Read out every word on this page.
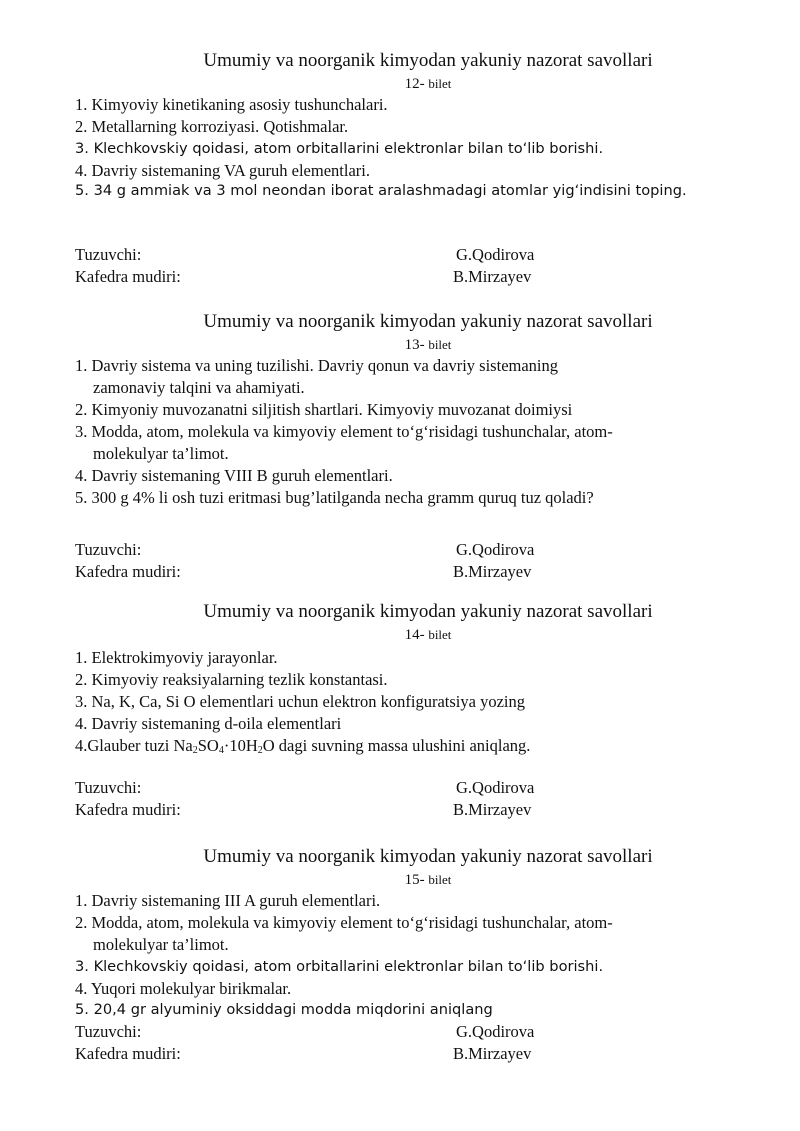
Umumiy va noorganik kimyodan yakuniy nazorat savollari
12- bilet
1. Kimyoviy kinetikaning asosiy tushunchalari.
2. Metallarning korroziyasi. Qotishmalar.
3. Klechkovskiy qoidasi, atom orbitallarini elektronlar bilan to‘lib borishi.
4. Davriy sistemaning VA guruh elementlari.
5. 34 g ammiak va 3 mol neondan iborat aralashmadagi atomlar yig‘indisini toping.
Tuzuvchi:	G.Qodirova
Kafedra mudiri:	B.Mirzayev
Umumiy va noorganik kimyodan yakuniy nazorat savollari
13- bilet
1. Davriy sistema va uning tuzilishi. Davriy qonun va davriy sistemaning
zamonaviy talqini va ahamiyati.
2. Kimyoniy muvozanatni siljitish shartlari. Kimyoviy muvozanat doimiysi
3. Modda, atom, molekula va kimyoviy element to‘g‘risidagi tushunchalar, atom-
molekulyar ta’limot.
4. Davriy sistemaning VIII B guruh elementlari.
5. 300 g 4% li osh tuzi eritmasi bug’latilganda necha gramm quruq tuz qoladi?
Tuzuvchi:	G.Qodirova
Kafedra mudiri:	B.Mirzayev
Umumiy va noorganik kimyodan yakuniy nazorat savollari
14- bilet
1. Elektrokimyoviy jarayonlar.
2. Kimyoviy reaksiyalarning tezlik konstantasi.
3. Na, K, Ca, Si O elementlari uchun elektron konfiguratsiya yozing
4. Davriy sistemaning d-oila elementlari
4.Glauber tuzi $Na_2SO_4\cdot 10H_2O$ dagi suvning massa ulushini aniqlang.
Tuzuvchi:	G.Qodirova
Kafedra mudiri:	B.Mirzayev
Umumiy va noorganik kimyodan yakuniy nazorat savollari
15- bilet
1. Davriy sistemaning III A guruh elementlari.
2. Modda, atom, molekula va kimyoviy element to‘g‘risidagi tushunchalar, atom-
molekulyar ta’limot.
3. Klechkovskiy qoidasi, atom orbitallarini elektronlar bilan to‘lib borishi.
4. Yuqori molekulyar birikmalar.
5. 20,4 gr alyuminiy oksiddagi modda miqdorini aniqlang
Tuzuvchi:	G.Qodirova
Kafedra mudiri:	B.Mirzayev
